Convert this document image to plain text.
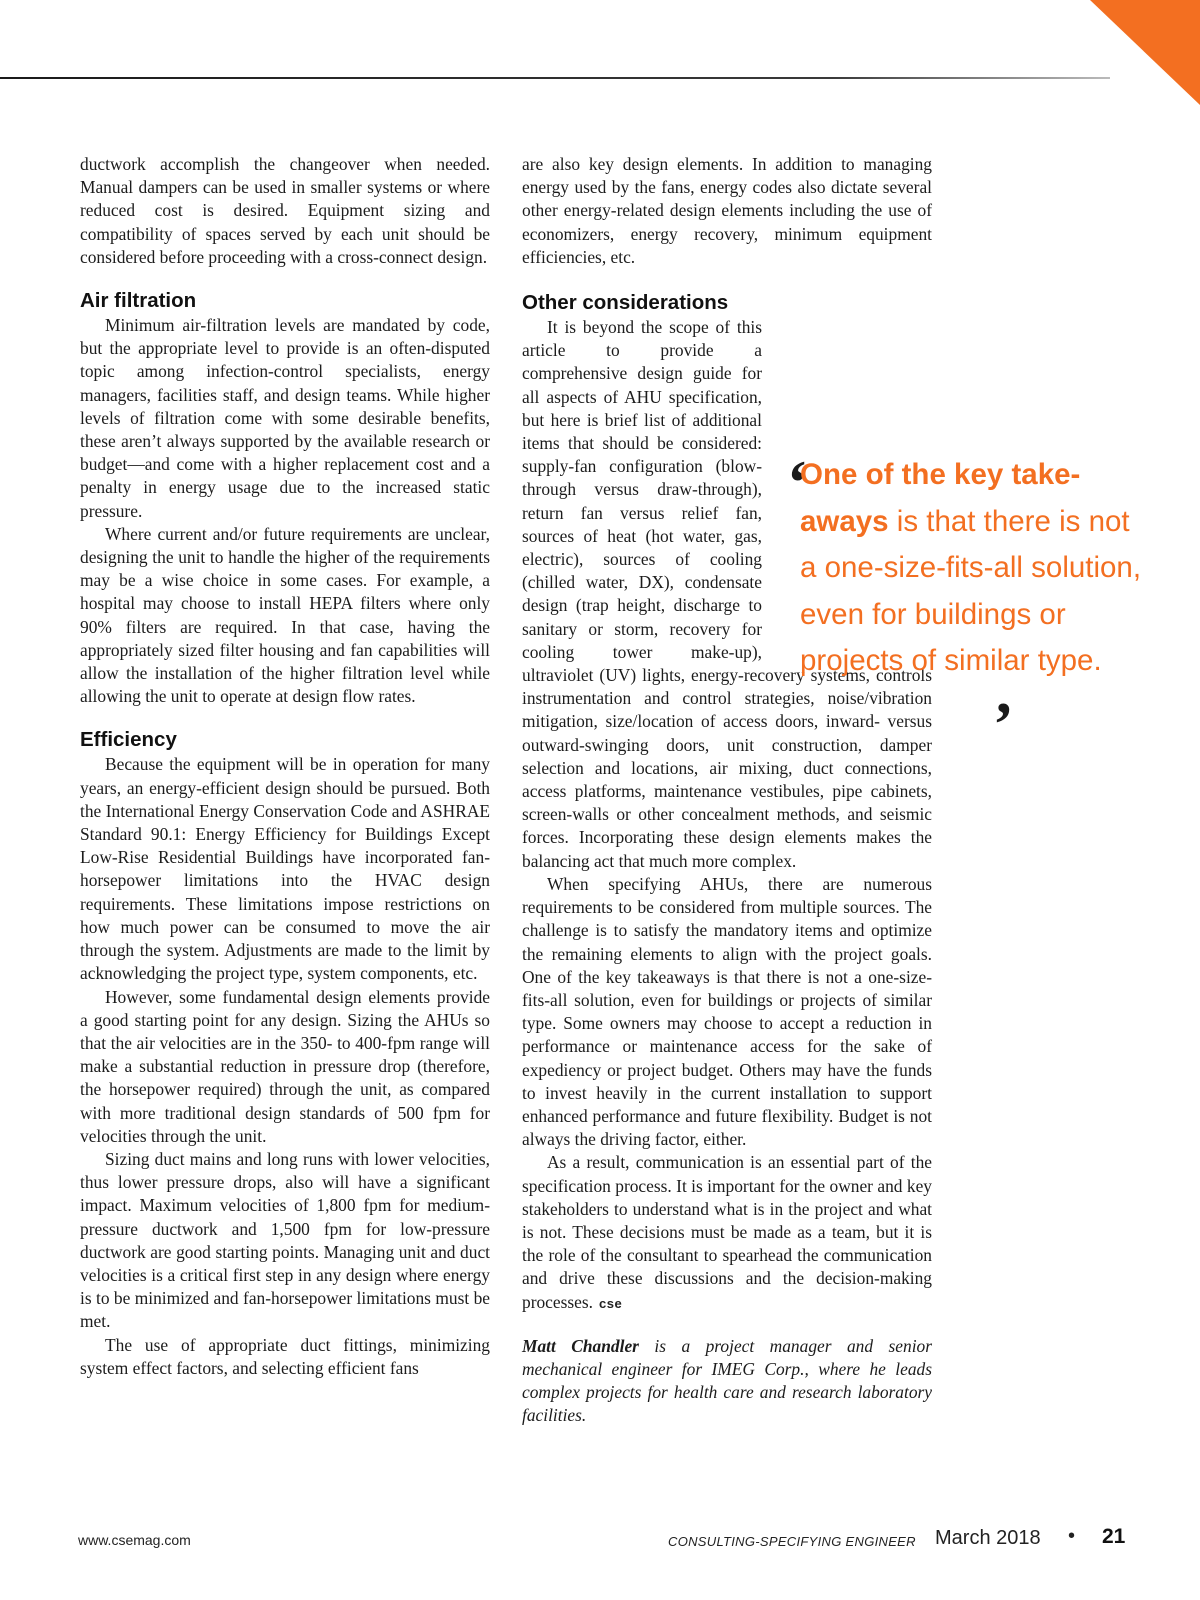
ductwork accomplish the changeover when needed. Manual dampers can be used in smaller systems or where reduced cost is desired. Equipment sizing and compatibility of spaces served by each unit should be considered before proceeding with a cross-connect design.

Air filtration

Minimum air-filtration levels are mandated by code, but the appropriate level to provide is an often-disputed topic among infection-control specialists, energy managers, facilities staff, and design teams. While higher levels of filtration come with some desirable benefits, these aren’t always supported by the available research or budget—and come with a higher replacement cost and a penalty in energy usage due to the increased static pressure.

Where current and/or future requirements are unclear, designing the unit to handle the higher of the requirements may be a wise choice in some cases. For example, a hospital may choose to install HEPA filters where only 90% filters are required. In that case, having the appropriately sized filter housing and fan capabilities will allow the installation of the higher filtration level while allowing the unit to operate at design flow rates.

Efficiency

Because the equipment will be in operation for many years, an energy-efficient design should be pursued. Both the International Energy Conservation Code and ASHRAE Standard 90.1: Energy Efficiency for Buildings Except Low-Rise Residential Buildings have incorporated fan-horsepower limitations into the HVAC design requirements. These limitations impose restrictions on how much power can be consumed to move the air through the system. Adjustments are made to the limit by acknowledging the project type, system components, etc.

However, some fundamental design elements provide a good starting point for any design. Sizing the AHUs so that the air velocities are in the 350- to 400-fpm range will make a substantial reduction in pressure drop (therefore, the horsepower required) through the unit, as compared with more traditional design standards of 500 fpm for velocities through the unit.

Sizing duct mains and long runs with lower velocities, thus lower pressure drops, also will have a significant impact. Maximum velocities of 1,800 fpm for medium-pressure ductwork and 1,500 fpm for low-pressure ductwork are good starting points. Managing unit and duct velocities is a critical first step in any design where energy is to be minimized and fan-horsepower limitations must be met.

The use of appropriate duct fittings, minimizing system effect factors, and selecting efficient fans

are also key design elements. In addition to managing energy used by the fans, energy codes also dictate several other energy-related design elements including the use of economizers, energy recovery, minimum equipment efficiencies, etc.

Other considerations

It is beyond the scope of this article to provide a comprehensive design guide for all aspects of AHU specification, but here is brief list of additional items that should be considered: supply-fan configuration (blow-through versus draw-through), return fan versus relief fan, sources of heat (hot water, gas, electric), sources of cooling (chilled water, DX), condensate design (trap height, discharge to sanitary or storm, recovery for cooling tower make-up), ultraviolet (UV) lights, energy-recovery systems, controls instrumentation and control strategies, noise/vibration mitigation, size/location of access doors, inward- versus outward-swinging doors, unit construction, damper selection and locations, air mixing, duct connections, access platforms, maintenance vestibules, pipe cabinets, screen-walls or other concealment methods, and seismic forces. Incorporating these design elements makes the balancing act that much more complex.

When specifying AHUs, there are numerous requirements to be considered from multiple sources. The challenge is to satisfy the mandatory items and optimize the remaining elements to align with the project goals. One of the key takeaways is that there is not a one-size-fits-all solution, even for buildings or projects of similar type. Some owners may choose to accept a reduction in performance or maintenance access for the sake of expediency or project budget. Others may have the funds to invest heavily in the current installation to support enhanced performance and future flexibility. Budget is not always the driving factor, either.

As a result, communication is an essential part of the specification process. It is important for the owner and key stakeholders to understand what is in the project and what is not. These decisions must be made as a team, but it is the role of the consultant to spearhead the communication and drive these discussions and the decision-making processes. cse

Matt Chandler is a project manager and senior mechanical engineer for IMEG Corp., where he leads complex projects for health care and research laboratory facilities.

‘
One of the key take- aways is that there is not a one-size-fits-all solution, even for buildings or projects of similar type.
’
www.csemag.com	CONSULTING-SPECIFYING ENGINEER March 2018 • 21
